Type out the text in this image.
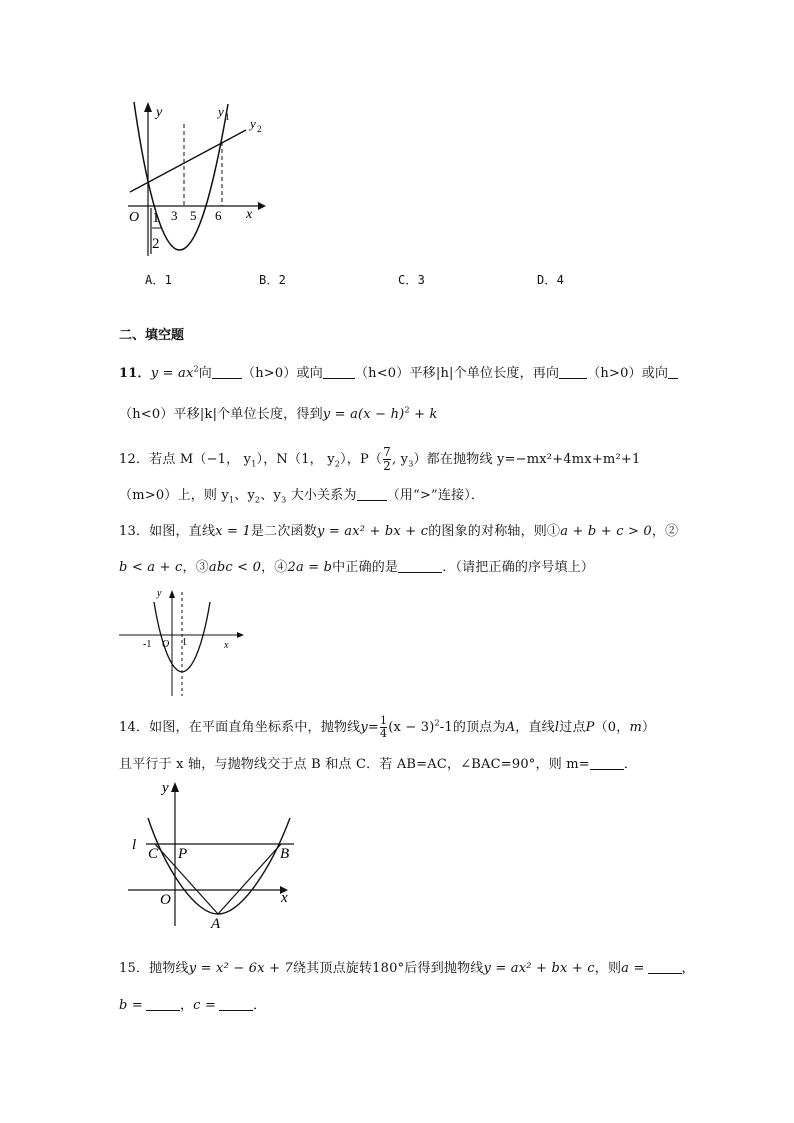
y	y 1 y 2
O	x
1
2
3 5 6
A．1	B．2	C．3	D．4
二、填空题
11．$y = ax^2$向 （h>0）或向 （h<0）平移|h|个单位长度，再向 （h>0）或向
（h<0）平移|k|个单位长度，得到$y = a(x - h)^2 + k$
12．若点 M（−1， $y_1$），N（1， $y_2$），$P( \frac{7}{2}$ , $y_3$）都在抛物线 y=−mx²+4mx+m²+1
（m>0）上，则 $y_1$、$y_2$、$y_3$ 大小关系为 （用“>”连接）．
13．如图，直线x = 1是二次函数y = ax² + bx + c的图象的对称轴，则①a + b + c > 0，②
b < a + c，③abc < 0，④2a = b中正确的是	．（请把正确的序号填上）
y
x
O
-1	1
14．如图，在平面直角坐标系中，抛物线$y= \frac{1}{4} (x - 3)^2-1$的顶点为A，直线l过点P（0，m）
且平行于 x 轴，与抛物线交于点 B 和点 C．若 AB=AC，∠BAC=90°，则 m=	．
y
x
l
C P	B
O
A
15．抛物线y = x² − 6x + 7绕其顶点旋转180°后得到抛物线y = ax² + bx + c，则a =	，
b =	，c =	．
